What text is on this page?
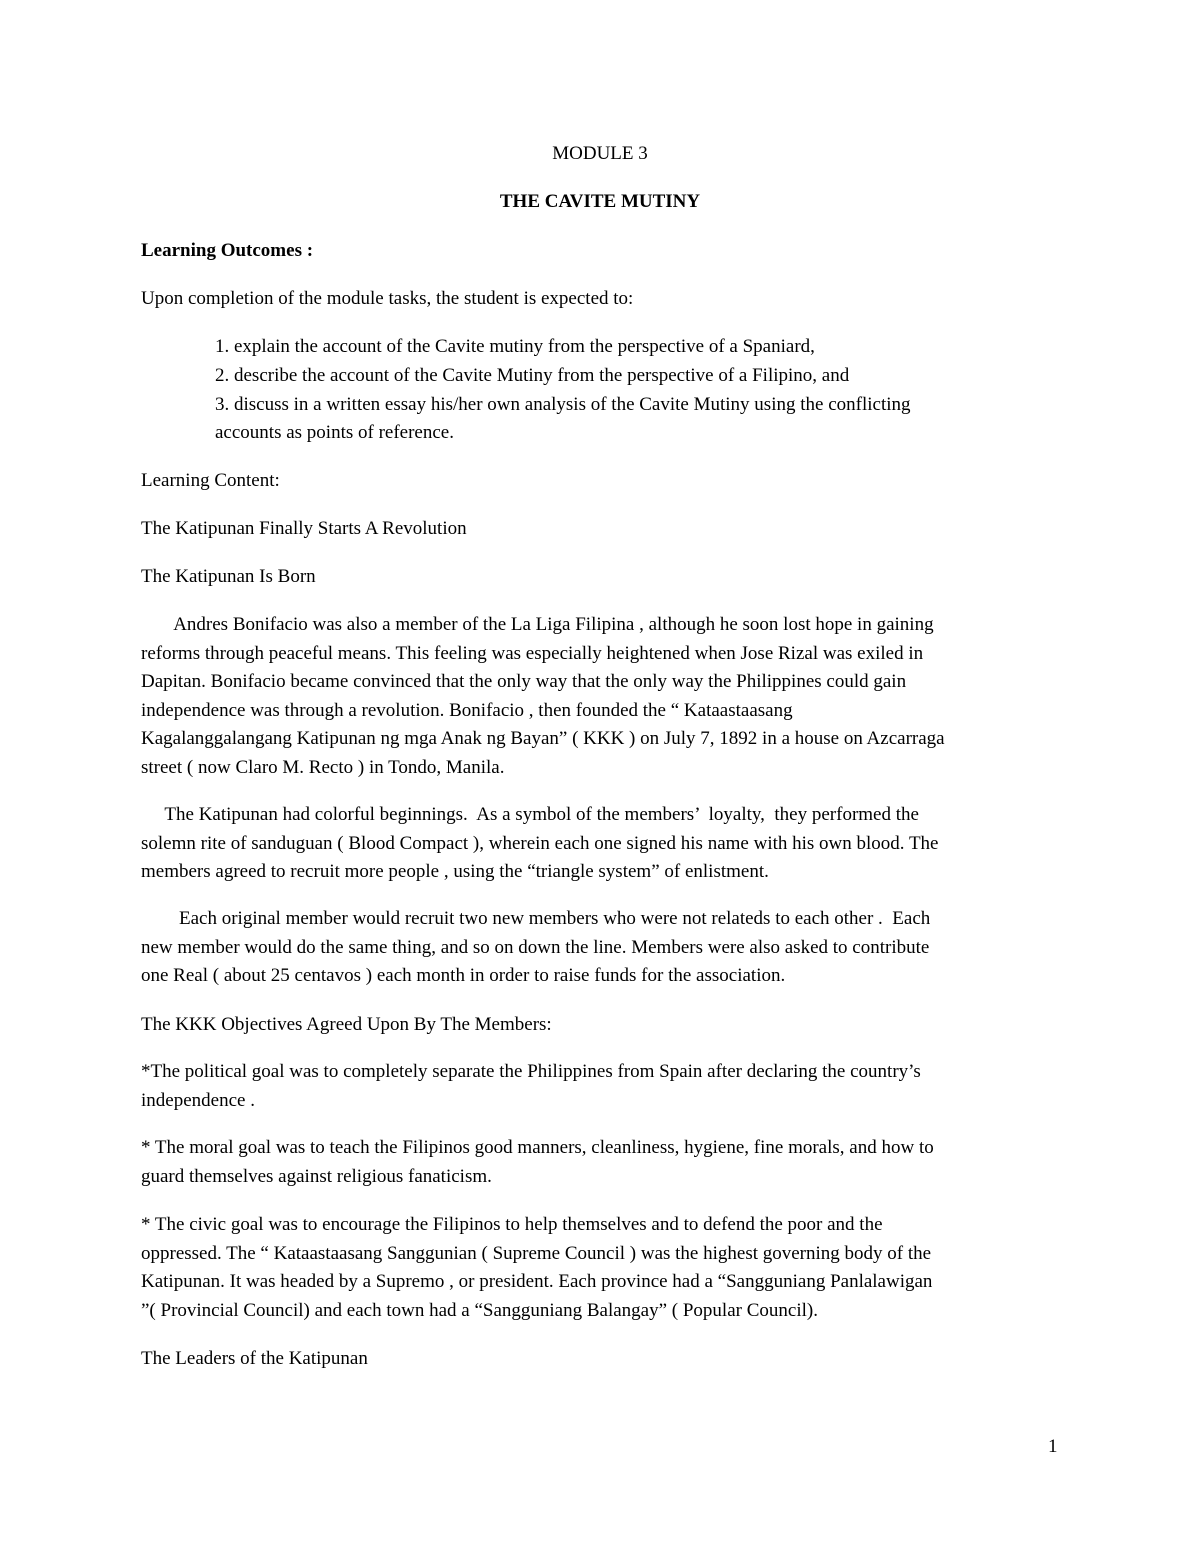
MODULE 3
THE CAVITE MUTINY
Learning Outcomes :
Upon completion of the module tasks, the student is expected to:
1. explain the account of the Cavite mutiny from the perspective of a Spaniard,
2. describe the account of the Cavite Mutiny from the perspective of a Filipino, and
3. discuss in a written essay his/her own analysis of the Cavite Mutiny using the conflicting
accounts as points of reference.
Learning Content:
The Katipunan Finally Starts A Revolution
The Katipunan Is Born
Andres Bonifacio was also a member of the La Liga Filipina , although he soon lost hope in gaining
reforms through peaceful means. This feeling was especially heightened when Jose Rizal was exiled in
Dapitan. Bonifacio became convinced that the only way that the only way the Philippines could gain
independence was through a revolution. Bonifacio , then founded the “ Kataastaasang
Kagalanggalangang Katipunan ng mga Anak ng Bayan” ( KKK ) on July 7, 1892 in a house on Azcarraga
street ( now Claro M. Recto ) in Tondo, Manila.
The Katipunan had colorful beginnings.  As a symbol of the members’  loyalty,  they performed the
solemn rite of sanduguan ( Blood Compact ), wherein each one signed his name with his own blood. The
members agreed to recruit more people , using the “triangle system” of enlistment.
Each original member would recruit two new members who were not relateds to each other .  Each
new member would do the same thing, and so on down the line. Members were also asked to contribute
one Real ( about 25 centavos ) each month in order to raise funds for the association.
The KKK Objectives Agreed Upon By The Members:
*The political goal was to completely separate the Philippines from Spain after declaring the country’s
independence .
* The moral goal was to teach the Filipinos good manners, cleanliness, hygiene, fine morals, and how to
guard themselves against religious fanaticism.
* The civic goal was to encourage the Filipinos to help themselves and to defend the poor and the
oppressed. The “ Kataastaasang Sanggunian ( Supreme Council ) was the highest governing body of the
Katipunan. It was headed by a Supremo , or president. Each province had a “Sangguniang Panlalawigan
”( Provincial Council) and each town had a “Sangguniang Balangay” ( Popular Council).
The Leaders of the Katipunan
1
